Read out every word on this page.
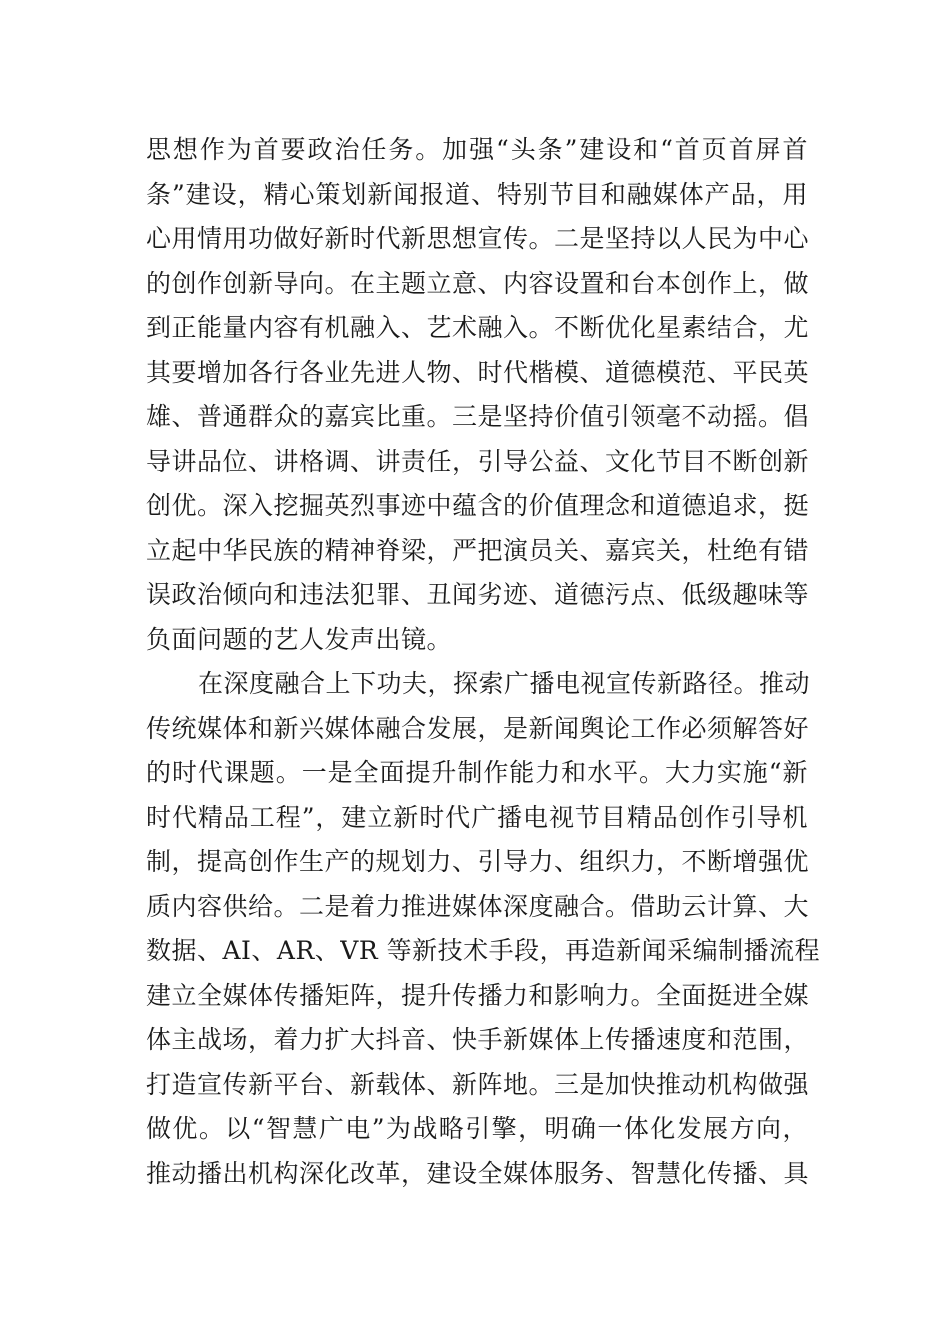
思想作为首要政治任务。加强“头条”建设和“首页首屏首
条”建设，精心策划新闻报道、特别节目和融媒体产品，用
心用情用功做好新时代新思想宣传。二是坚持以人民为中心
的创作创新导向。在主题立意、内容设置和台本创作上，做
到正能量内容有机融入、艺术融入。不断优化星素结合，尤
其要增加各行各业先进人物、时代楷模、道德模范、平民英
雄、普通群众的嘉宾比重。三是坚持价值引领毫不动摇。倡
导讲品位、讲格调、讲责任，引导公益、文化节目不断创新
创优。深入挖掘英烈事迹中蕴含的价值理念和道德追求，挺
立起中华民族的精神脊梁，严把演员关、嘉宾关，杜绝有错
误政治倾向和违法犯罪、丑闻劣迹、道德污点、低级趣味等
负面问题的艺人发声出镜。
在深度融合上下功夫，探索广播电视宣传新路径。推动
传统媒体和新兴媒体融合发展，是新闻舆论工作必须解答好
的时代课题。一是全面提升制作能力和水平。大力实施“新
时代精品工程”，建立新时代广播电视节目精品创作引导机
制，提高创作生产的规划力、引导力、组织力，不断增强优
质内容供给。二是着力推进媒体深度融合。借助云计算、大
数据、AI、AR、VR 等新技术手段，再造新闻采编制播流程
建立全媒体传播矩阵，提升传播力和影响力。全面挺进全媒
体主战场，着力扩大抖音、快手新媒体上传播速度和范围，
打造宣传新平台、新载体、新阵地。三是加快推动机构做强
做优。以“智慧广电”为战略引擎，明确一体化发展方向，
推动播出机构深化改革，建设全媒体服务、智慧化传播、具
